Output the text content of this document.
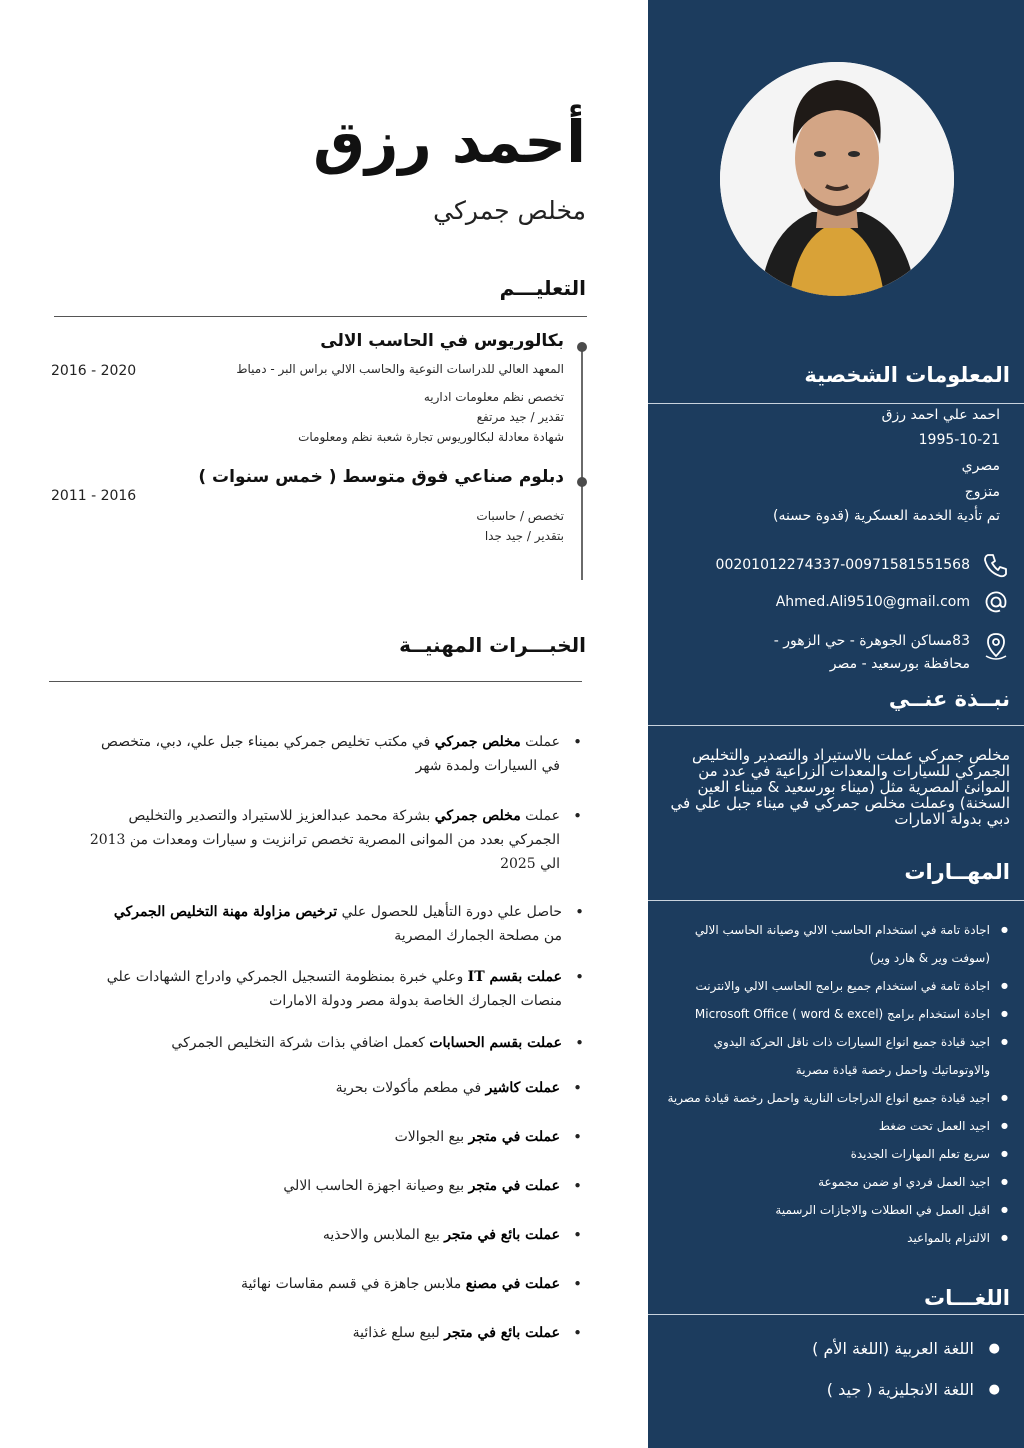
المعلومات الشخصية
احمد علي احمد رزق
1995-10-21
مصري
متزوج
تم تأدية الخدمة العسكرية (قدوة حسنه)
00201012274337-00971581551568
Ahmed.Ali9510@gmail.com
83مساكن الجوهرة - حي الزهور - محافظة بورسعيد - مصر
نبــذة عنــي
مخلص جمركي عملت بالاستيراد والتصدير والتخليص الجمركي للسيارات والمعدات الزراعية في عدد من الموانئ المصرية مثل (ميناء بورسعيد & ميناء العين السخنة) وعملت مخلص جمركي في ميناء جبل علي في دبي بدولة الامارات
المهــارات
● اجادة تامة في استخدام الحاسب الالي وصيانة الحاسب الالي (سوفت وير & هارد وير)
● اجادة تامة في استخدام جميع برامج الحاسب الالي والانترنت
● اجادة استخدام برامج Microsoft Office ( word & excel)
● اجيد قيادة جميع انواع السيارات ذات ناقل الحركة اليدوي والاوتوماتيك واحمل رخصة قيادة مصرية
● اجيد قيادة جميع انواع الدراجات النارية واحمل رخصة قيادة مصرية
● اجيد العمل تحت ضغط
● سريع تعلم المهارات الجديدة
● اجيد العمل فردي او ضمن مجموعة
● اقبل العمل في العطلات والاجازات الرسمية
● الالتزام بالمواعيد
اللغـــات
● اللغة العربية (اللغة الأم )
● اللغة الانجليزية ( جيد )
أحمد رزق
مخلص جمركي
التعليـــم
بكالوريوس في الحاسب الالى
2016 - 2020	المعهد العالي للدراسات النوعية والحاسب الالي براس البر - دمياط
تخصص نظم معلومات اداريه
تقدير / جيد مرتفع
شهادة معادلة لبكالوريوس تجارة شعبة نظم ومعلومات
دبلوم صناعي فوق متوسط ( خمس سنوات )
2011 - 2016
تخصص / حاسبات
بتقدير / جيد جدا
الخبـــرات المهنيــة
• عملت مخلص جمركي في مكتب تخليص جمركي بميناء جبل علي، دبي، متخصص في السيارات ولمدة شهر
• عملت مخلص جمركي بشركة محمد عبدالعزيز للاستيراد والتصدير والتخليص الجمركي بعدد من الموانى المصرية تخصص ترانزيت و سيارات ومعدات من 2013 الي 2025
• حاصل علي دورة التأهيل للحصول علي ترخيص مزاولة مهنة التخليص الجمركي من مصلحة الجمارك المصرية
• عملت بقسم IT وعلي خبرة بمنظومة التسجيل الجمركي وادراج الشهادات علي منصات الجمارك الخاصة بدولة مصر ودولة الامارات
• عملت بقسم الحسابات كعمل اضافي بذات شركة التخليص الجمركي
• عملت كاشير في مطعم مأكولات بحرية
• عملت في متجر بيع الجوالات
• عملت في متجر بيع وصيانة اجهزة الحاسب الالي
• عملت بائع في متجر بيع الملابس والاحذيه
• عملت في مصنع ملابس جاهزة في قسم مقاسات نهائية
• عملت بائع في متجر لبيع سلع غذائية
